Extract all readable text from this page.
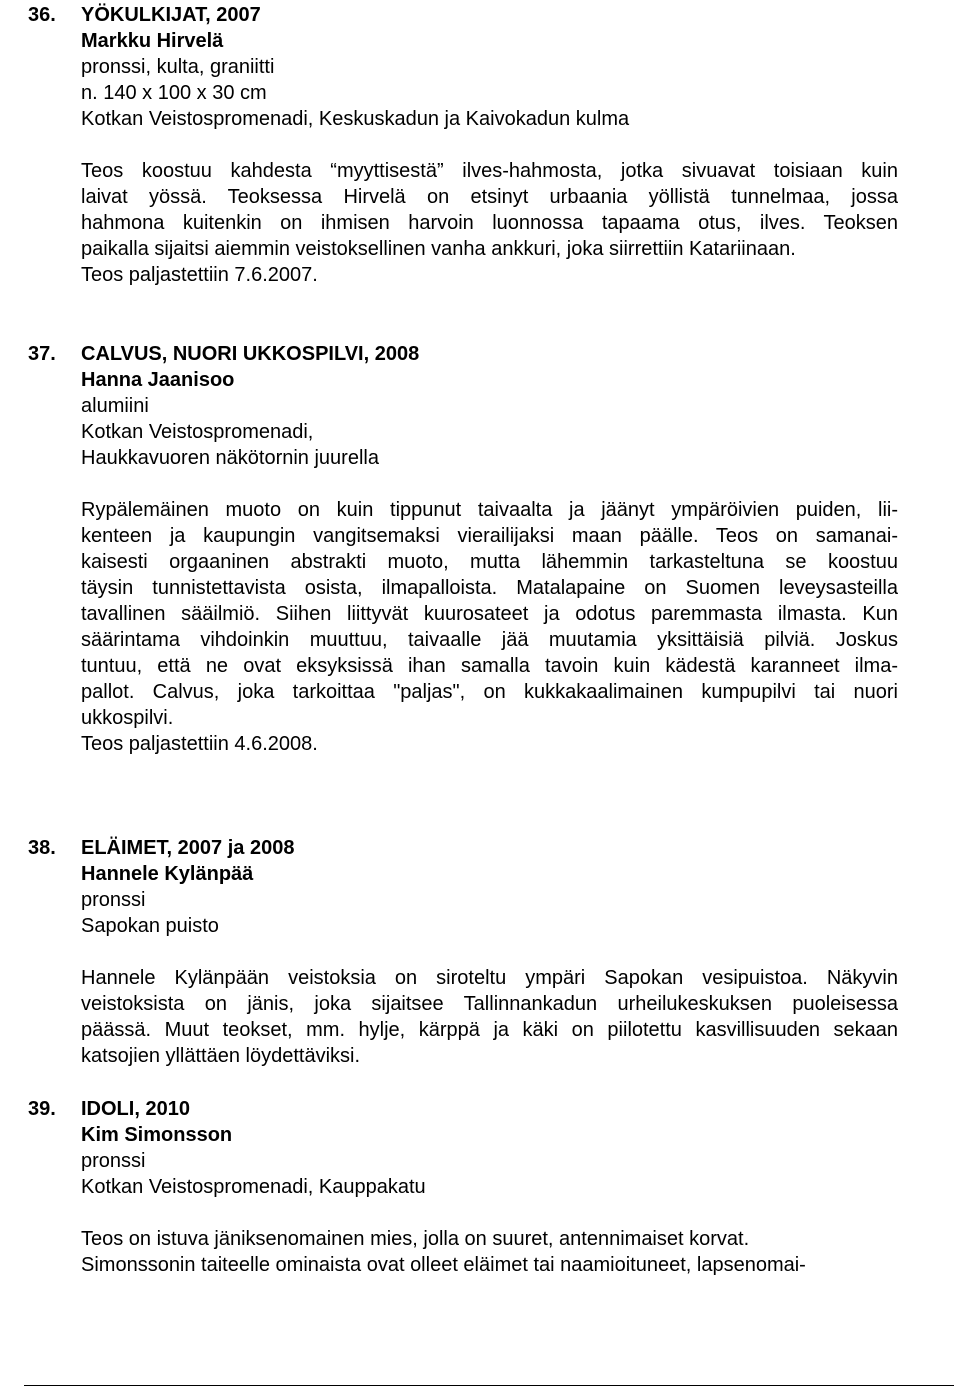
36. YÖKULKIJAT, 2007
Markku Hirvelä
pronssi, kulta, graniitti
n. 140 x 100 x 30 cm
Kotkan Veistospromenadi, Keskuskadun ja Kaivokadun kulma
Teos koostuu kahdesta “myyttisestä” ilves-hahmosta, jotka sivuavat toisiaan kuin
laivat yössä. Teoksessa Hirvelä on etsinyt urbaania yöllistä tunnelmaa, jossa
hahmona kuitenkin on ihmisen harvoin luonnossa tapaama otus, ilves. Teoksen
paikalla sijaitsi aiemmin veistoksellinen vanha ankkuri, joka siirrettiin Katariinaan.
Teos paljastettiin 7.6.2007.
37. CALVUS, NUORI UKKOSPILVI, 2008
Hanna Jaanisoo
alumiini
Kotkan Veistospromenadi,
Haukkavuoren näkötornin juurella
Rypälemäinen muoto on kuin tippunut taivaalta ja jäänyt ympäröivien puiden, lii-
kenteen ja kaupungin vangitsemaksi vierailijaksi maan päälle. Teos on samanai-
kaisesti orgaaninen abstrakti muoto, mutta lähemmin tarkasteltuna se koostuu
täysin tunnistettavista osista, ilmapalloista. Matalapaine on Suomen leveysasteilla
tavallinen sääilmiö. Siihen liittyvät kuurosateet ja odotus paremmasta ilmasta. Kun
säärintama vihdoinkin muuttuu, taivaalle jää muutamia yksittäisiä pilviä. Joskus
tuntuu, että ne ovat eksyksissä ihan samalla tavoin kuin kädestä karanneet ilma-
pallot. Calvus, joka tarkoittaa "paljas", on kukkakaalimainen kumpupilvi tai nuori
ukkospilvi.
Teos paljastettiin 4.6.2008.
38. ELÄIMET, 2007 ja 2008
Hannele Kylänpää
pronssi
Sapokan puisto
Hannele Kylänpään veistoksia on siroteltu ympäri Sapokan vesipuistoa. Näkyvin
veistoksista on jänis, joka sijaitsee Tallinnankadun urheilukeskuksen puoleisessa
päässä. Muut teokset, mm. hylje, kärppä ja käki on piilotettu kasvillisuuden sekaan
katsojien yllättäen löydettäviksi.
39. IDOLI, 2010
Kim Simonsson
pronssi
Kotkan Veistospromenadi, Kauppakatu
Teos on istuva jäniksenomainen mies, jolla on suuret, antennimaiset korvat.
Simonssonin taiteelle ominaista ovat olleet eläimet tai naamioituneet, lapsenomai-
